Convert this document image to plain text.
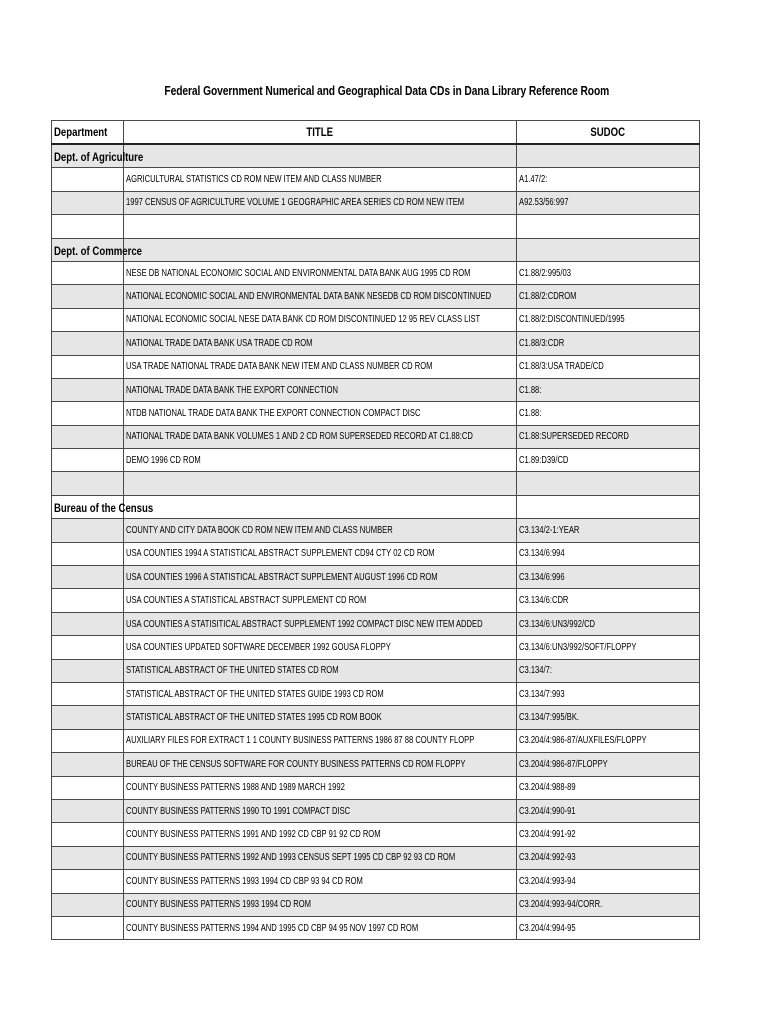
Federal Government Numerical and Geographical Data CDs in Dana Library Reference Room
Department	TITLE	SUDOC

Dept. of Agriculture		

	AGRICULTURAL STATISTICS CD ROM NEW ITEM AND CLASS NUMBER	A1.47/2:
	1997 CENSUS OF AGRICULTURE VOLUME 1 GEOGRAPHIC AREA SERIES CD ROM NEW ITEM	A92.53/56:997

Dept. of Commerce		

	NESE DB NATIONAL ECONOMIC SOCIAL AND ENVIRONMENTAL DATA BANK AUG 1995 CD ROM	C1.88/2:995/03
	NATIONAL ECONOMIC SOCIAL AND ENVIRONMENTAL DATA BANK NESEDB CD ROM DISCONTINUED	C1.88/2:CDROM
	NATIONAL ECONOMIC SOCIAL NESE DATA BANK CD ROM DISCONTINUED 12 95 REV CLASS LIST	C1.88/2:DISCONTINUED/1995
	NATIONAL TRADE DATA BANK USA TRADE CD ROM	C1.88/3:CDR
	USA TRADE NATIONAL TRADE DATA BANK NEW ITEM AND CLASS NUMBER CD ROM	C1.88/3:USA TRADE/CD
	NATIONAL TRADE DATA BANK THE EXPORT CONNECTION	C1.88:
	NTDB NATIONAL TRADE DATA BANK THE EXPORT CONNECTION COMPACT DISC	C1.88:
	NATIONAL TRADE DATA BANK VOLUMES 1 AND 2 CD ROM SUPERSEDED RECORD AT C1.88:CD	C1.88:SUPERSEDED RECORD
	DEMO 1996 CD ROM	C1.89:D39/CD

Bureau of the Census		

	COUNTY AND CITY DATA BOOK CD ROM NEW ITEM AND CLASS NUMBER	C3.134/2-1:YEAR
	USA COUNTIES 1994 A STATISTICAL ABSTRACT SUPPLEMENT CD94 CTY 02 CD ROM	C3.134/6:994
	USA COUNTIES 1996 A STATISTICAL ABSTRACT SUPPLEMENT AUGUST 1996 CD ROM	C3.134/6:996
	USA COUNTIES A STATISTICAL ABSTRACT SUPPLEMENT CD ROM	C3.134/6:CDR
	USA COUNTIES A STATISITICAL ABSTRACT SUPPLEMENT 1992 COMPACT DISC NEW ITEM ADDED	C3.134/6:UN3/992/CD
	USA COUNTIES UPDATED SOFTWARE DECEMBER 1992 GOUSA FLOPPY	C3.134/6:UN3/992/SOFT/FLOPPY
	STATISTICAL ABSTRACT OF THE UNITED STATES CD ROM	C3.134/7:
	STATISTICAL ABSTRACT OF THE UNITED STATES GUIDE 1993 CD ROM	C3.134/7:993
	STATISTICAL ABSTRACT OF THE UNITED STATES 1995 CD ROM BOOK	C3.134/7:995/BK.
	AUXILIARY FILES FOR EXTRACT 1 1 COUNTY BUSINESS PATTERNS 1986 87 88 COUNTY FLOPP	C3.204/4:986-87/AUXFILES/FLOPPY
	BUREAU OF THE CENSUS SOFTWARE FOR COUNTY BUSINESS PATTERNS CD ROM FLOPPY	C3.204/4:986-87/FLOPPY
	COUNTY BUSINESS PATTERNS 1988 AND 1989 MARCH 1992	C3.204/4:988-89
	COUNTY BUSINESS PATTERNS 1990 TO 1991 COMPACT DISC	C3.204/4:990-91
	COUNTY BUSINESS PATTERNS 1991 AND 1992 CD CBP 91 92 CD ROM	C3.204/4:991-92
	COUNTY BUSINESS PATTERNS 1992 AND 1993 CENSUS SEPT 1995 CD CBP 92 93 CD ROM	C3.204/4:992-93
	COUNTY BUSINESS PATTERNS 1993 1994 CD CBP 93 94 CD ROM	C3.204/4:993-94
	COUNTY BUSINESS PATTERNS 1993 1994 CD ROM	C3.204/4:993-94/CORR.
	COUNTY BUSINESS PATTERNS 1994 AND 1995 CD CBP 94 95 NOV 1997 CD ROM	C3.204/4:994-95
